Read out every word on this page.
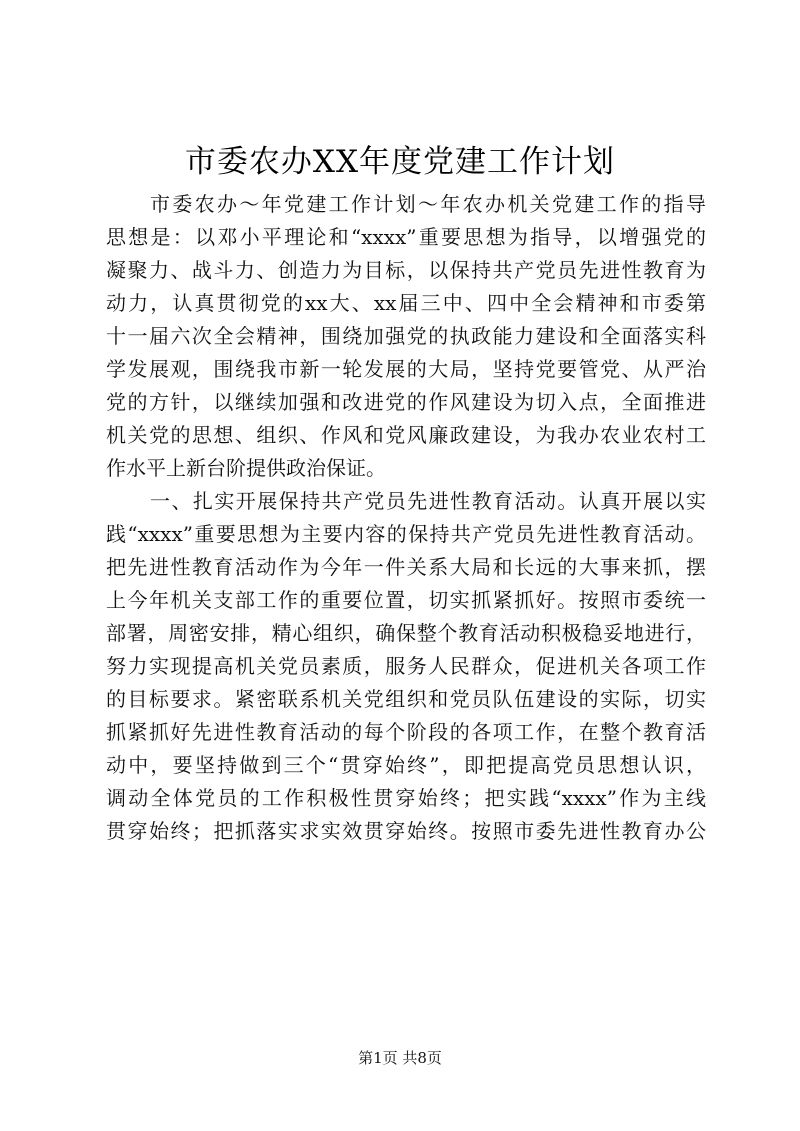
市委农办XX年度党建工作计划
市委农办～年党建工作计划～年农办机关党建工作的指导
思想是：以邓小平理论和“xxxx”重要思想为指导，以增强党的
凝聚力、战斗力、创造力为目标，以保持共产党员先进性教育为
动力，认真贯彻党的xx大、xx届三中、四中全会精神和市委第
十一届六次全会精神，围绕加强党的执政能力建设和全面落实科
学发展观，围绕我市新一轮发展的大局，坚持党要管党、从严治
党的方针，以继续加强和改进党的作风建设为切入点，全面推进
机关党的思想、组织、作风和党风廉政建设，为我办农业农村工
作水平上新台阶提供政治保证。
一、扎实开展保持共产党员先进性教育活动。认真开展以实
践“xxxx”重要思想为主要内容的保持共产党员先进性教育活动。
把先进性教育活动作为今年一件关系大局和长远的大事来抓，摆
上今年机关支部工作的重要位置，切实抓紧抓好。按照市委统一
部署，周密安排，精心组织，确保整个教育活动积极稳妥地进行，
努力实现提高机关党员素质，服务人民群众，促进机关各项工作
的目标要求。紧密联系机关党组织和党员队伍建设的实际，切实
抓紧抓好先进性教育活动的每个阶段的各项工作，在整个教育活
动中，要坚持做到三个“贯穿始终”，即把提高党员思想认识，
调动全体党员的工作积极性贯穿始终；把实践“xxxx”作为主线
贯穿始终；把抓落实求实效贯穿始终。按照市委先进性教育办公
第1页 共8页
